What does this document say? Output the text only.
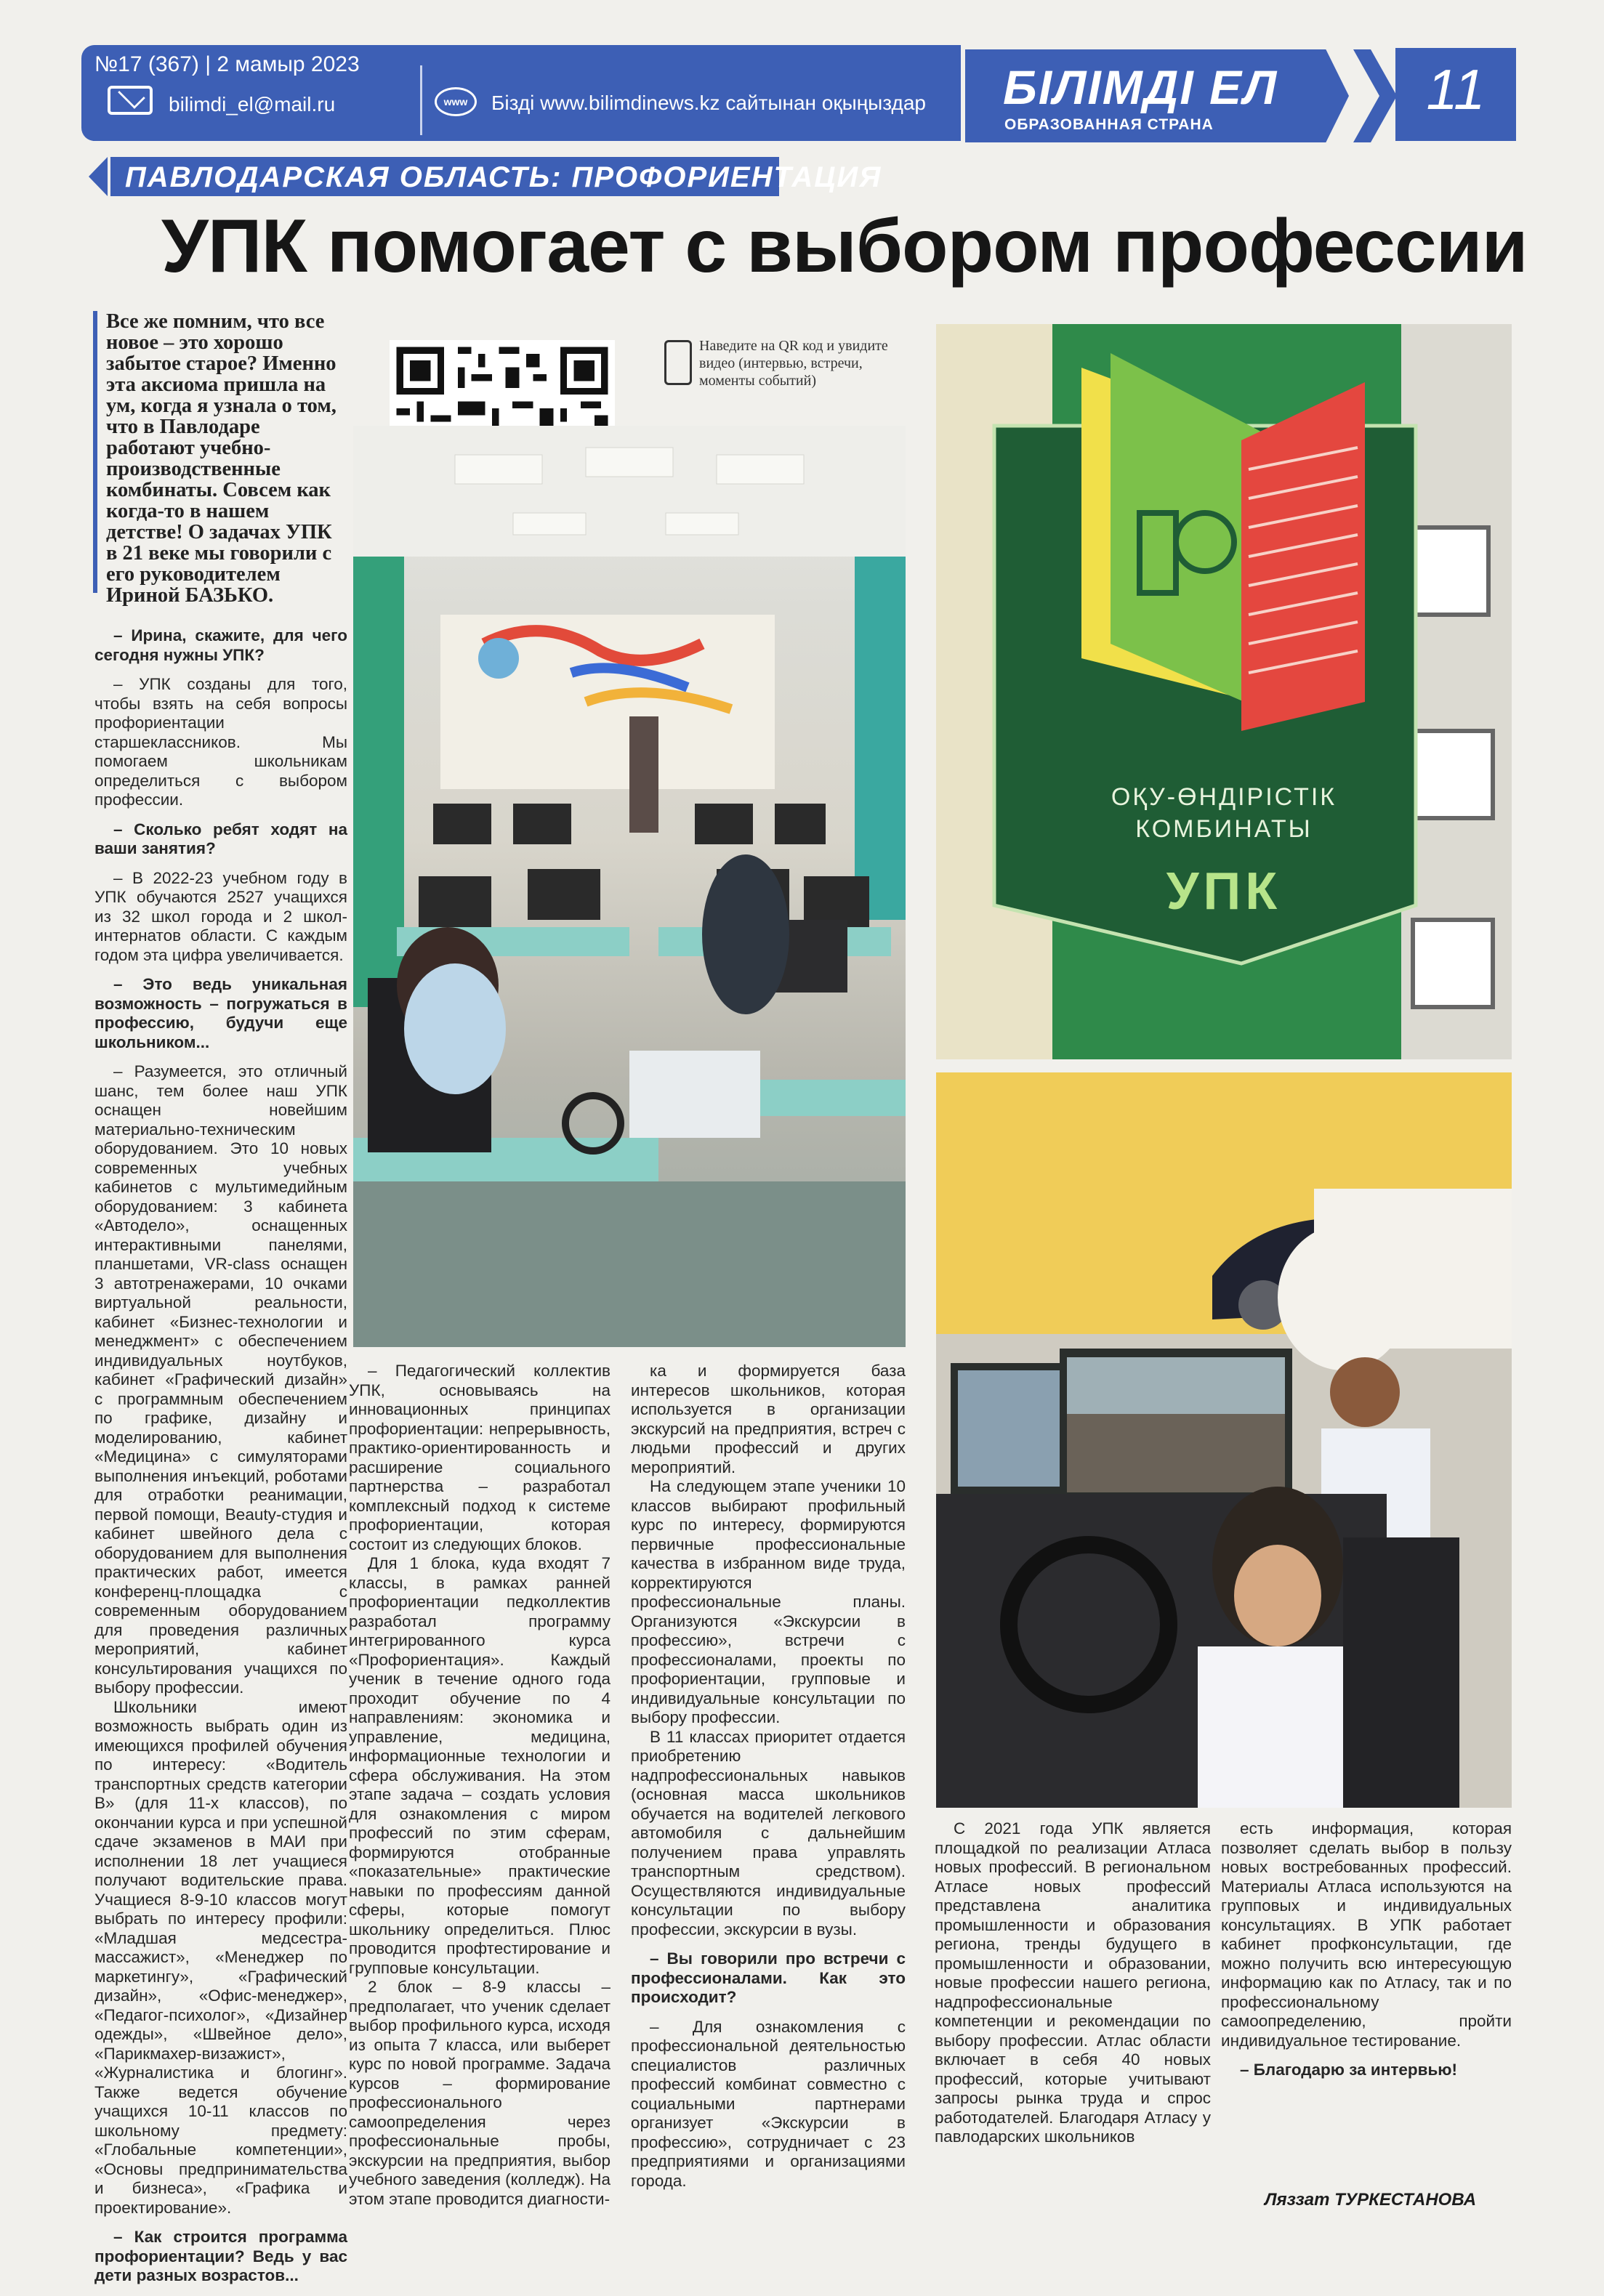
№17 (367) | 2 мамыр 2023
bilimdi_el@mail.ru	www	Бізді www.bilimdinews.kz сайтынан оқыңыздар БІЛІМДІ ЕЛ
ОБРАЗОВАННАЯ СТРАНА
11
ПАВЛОДАРСКАЯ ОБЛАСТЬ: ПРОФОРИЕНТАЦИЯ
УПК помогает с выбором профессии
Все же помним, что все новое – это хорошо забытое старое? Именно эта аксиома пришла на ум, когда я узнала о том, что в Павлодаре работают учебно-производственные комбинаты. Совсем как когда-то в нашем детстве! О задачах УПК в 21 веке мы говорили с его руководителем Ириной БАЗЬКО.
Наведите на QR код и увидите видео (интервью, встречи, моменты событий)
ОҚУ-ӨНДІРІСТІК
КОМБИНАТЫ
УПК

– Ирина, скажите, для чего сегодня нужны УПК?

– УПК созданы для того, чтобы взять на себя вопросы профориентации старшеклассников. Мы помогаем школьникам определиться с выбором профессии.

– Сколько ребят ходят на ваши занятия?

– В 2022-23 учебном году в УПК обучаются 2527 учащихся из 32 школ города и 2 школ-интернатов области. С каждым годом эта цифра увеличивается.

– Это ведь уникальная возможность – погружаться в профессию, будучи еще школьником...

– Разумеется, это отличный шанс, тем более наш УПК оснащен новейшим материально-техническим оборудованием. Это 10 новых современных учебных кабинетов с мультимедийным оборудованием: 3 кабинета «Автодело», оснащенных интерактивными панелями, планшетами, VR-class оснащен 3 автотренажерами, 10 очками виртуальной реальности, кабинет «Бизнес-технологии и менеджмент» с обеспечением индивидуальных ноутбуков, кабинет «Графический дизайн» с программным обеспечением по графике, дизайну и моделированию, кабинет «Медицина» с симуляторами выполнения инъекций, роботами для отработки реанимации, первой помощи, Beauty-студия и кабинет швейного дела с оборудованием для выполнения практических работ, имеется конференц-площадка с современным оборудованием для проведения различных мероприятий, кабинет консультирования учащихся по выбору профессии.

Школьники имеют возможность выбрать один из имеющихся профилей обучения по интересу: «Водитель транспортных средств категории В» (для 11-х классов), по окончании курса и при успешной сдаче экзаменов в МАИ при исполнении 18 лет учащиеся получают водительские права. Учащиеся 8-9-10 классов могут выбрать по интересу профили: «Младшая медсестра-массажист», «Менеджер по маркетингу», «Графический дизайн», «Офис-менеджер», «Педагог-психолог», «Дизайнер одежды», «Швейное дело», «Парикмахер-визажист», «Журналистика и блогинг». Также ведется обучение учащихся 10-11 классов по школьному предмету: «Глобальные компетенции», «Основы предпринимательства и бизнеса», «Графика и проектирование».

– Как строится программа профориентации? Ведь у вас дети разных возрастов...

– Педагогический коллектив УПК, основываясь на инновационных принципах профориентации: непрерывность, практико-ориентированность и расширение социального партнерства – разработал комплексный подход к системе профориентации, которая состоит из следующих блоков.

Для 1 блока, куда входят 7 классы, в рамках ранней профориентации педколлектив разработал программу интегрированного курса «Профориентация». Каждый ученик в течение одного года проходит обучение по 4 направлениям: экономика и управление, медицина, информационные технологии и сфера обслуживания. На этом этапе задача – создать условия для ознакомления с миром профессий по этим сферам, формируются отобранные «показательные» практические навыки по профессиям данной сферы, которые помогут школьнику определиться. Плюс проводится профтестирование и групповые консультации.

2 блок – 8-9 классы – предполагает, что ученик сделает выбор профильного курса, исходя из опыта 7 класса, или выберет курс по новой программе. Задача курсов – формирование профессионального самоопределения через профессиональные пробы, экскурсии на предприятия, выбор учебного заведения (колледж). На этом этапе проводится диагности-

ка и формируется база интересов школьников, которая используется в организации экскурсий на предприятия, встреч с людьми профессий и других мероприятий.

На следующем этапе ученики 10 классов выбирают профильный курс по интересу, формируются первичные профессиональные качества в избранном виде труда, корректируются профессиональные планы. Организуются «Экскурсии в профессию», встречи с профессионалами, проекты по профориентации, групповые и индивидуальные консультации по выбору профессии.

В 11 классах приоритет отдается приобретению надпрофессиональных навыков (основная масса школьников обучается на водителей легкового автомобиля с дальнейшим получением права управлять транспортным средством). Осуществляются индивидуальные консультации по выбору профессии, экскурсии в вузы.

– Вы говорили про встречи с профессионалами. Как это происходит?

– Для ознакомления с профессиональной деятельностью специалистов различных профессий комбинат совместно с социальными партнерами организует «Экскурсии в профессию», сотрудничает с 23 предприятиями и организациями города.

С 2021 года УПК является площадкой по реализации Атласа новых профессий. В региональном Атласе новых профессий представлена аналитика промышленности и образования региона, тренды будущего в промышленности и образовании, новые профессии нашего региона, надпрофессиональные компетенции и рекомендации по выбору профессии. Атлас области включает в себя 40 новых профессий, которые учитывают запросы рынка труда и спрос работодателей. Благодаря Атласу у павлодарских школьников

есть информация, которая позволяет сделать выбор в пользу новых востребованных профессий. Материалы Атласа используются на групповых и индивидуальных консультациях. В УПК работает кабинет профконсультации, где можно получить всю интересующую информацию как по Атласу, так и по профессиональному самоопределению, пройти индивидуальное тестирование.

– Благодарю за интервью!

Ляззат ТУРКЕСТАНОВА
